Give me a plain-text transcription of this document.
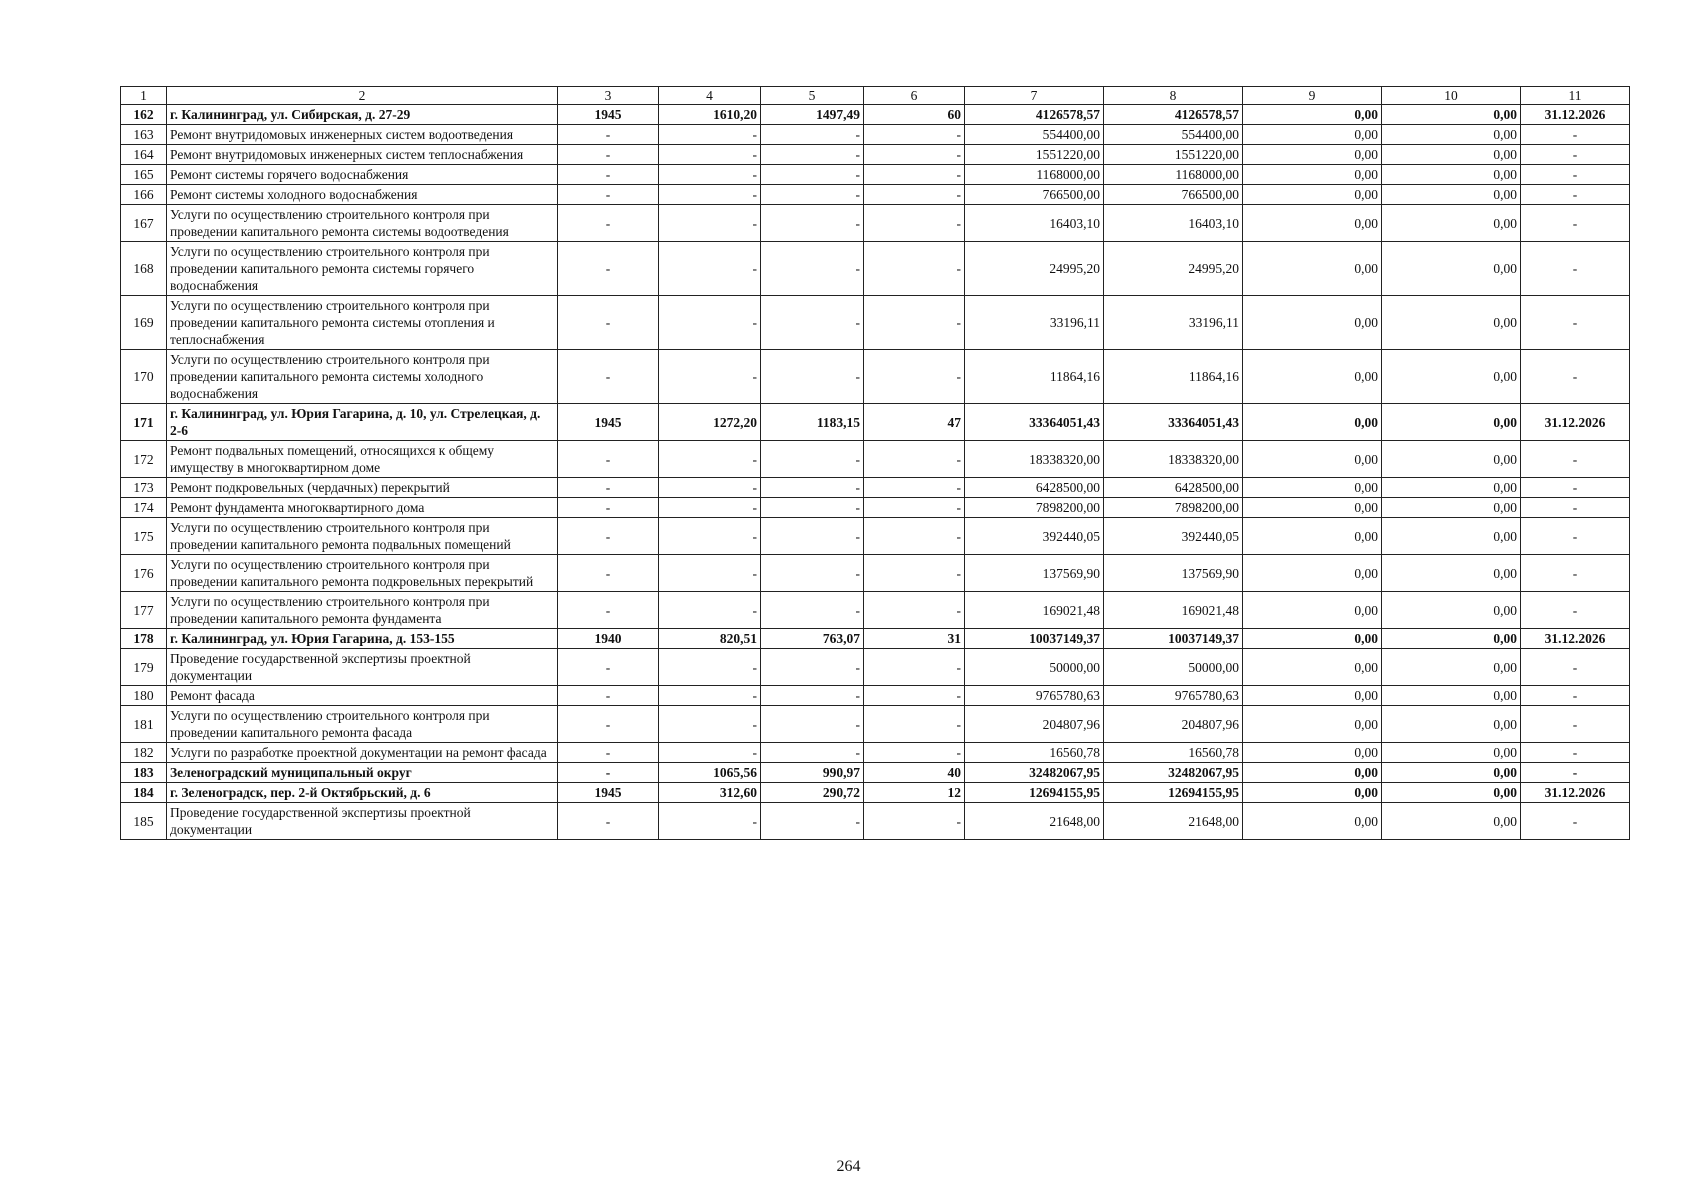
1	2	3	4	5	6	7	8	9	10	11
162	г. Калининград, ул. Сибирская, д. 27-29	1945	1610,20	1497,49	60	4126578,57	4126578,57	0,00	0,00	31.12.2026
163	Ремонт внутридомовых инженерных систем водоотведения	-	-	-	-	554400,00	554400,00	0,00	0,00	-
164	Ремонт внутридомовых инженерных систем теплоснабжения	-	-	-	-	1551220,00	1551220,00	0,00	0,00	-
165	Ремонт системы горячего водоснабжения	-	-	-	-	1168000,00	1168000,00	0,00	0,00	-
166	Ремонт системы холодного водоснабжения	-	-	-	-	766500,00	766500,00	0,00	0,00	-
167	Услуги по осуществлению строительного контроля при проведении капитального ремонта системы водоотведения	-	-	-	-	16403,10	16403,10	0,00	0,00	-
168	Услуги по осуществлению строительного контроля при проведении капитального ремонта системы горячего водоснабжения	-	-	-	-	24995,20	24995,20	0,00	0,00	-
169	Услуги по осуществлению строительного контроля при проведении капитального ремонта системы отопления и теплоснабжения	-	-	-	-	33196,11	33196,11	0,00	0,00	-
170	Услуги по осуществлению строительного контроля при проведении капитального ремонта системы холодного водоснабжения	-	-	-	-	11864,16	11864,16	0,00	0,00	-
171	г. Калининград, ул. Юрия Гагарина, д. 10, ул. Стрелецкая, д. 2-6	1945	1272,20	1183,15	47	33364051,43	33364051,43	0,00	0,00	31.12.2026
172	Ремонт подвальных помещений, относящихся к общему имуществу в многоквартирном доме	-	-	-	-	18338320,00	18338320,00	0,00	0,00	-
173	Ремонт подкровельных (чердачных) перекрытий	-	-	-	-	6428500,00	6428500,00	0,00	0,00	-
174	Ремонт фундамента многоквартирного дома	-	-	-	-	7898200,00	7898200,00	0,00	0,00	-
175	Услуги по осуществлению строительного контроля при проведении капитального ремонта подвальных помещений	-	-	-	-	392440,05	392440,05	0,00	0,00	-
176	Услуги по осуществлению строительного контроля при проведении капитального ремонта подкровельных перекрытий	-	-	-	-	137569,90	137569,90	0,00	0,00	-
177	Услуги по осуществлению строительного контроля при проведении капитального ремонта фундамента	-	-	-	-	169021,48	169021,48	0,00	0,00	-
178	г. Калининград, ул. Юрия Гагарина, д. 153-155	1940	820,51	763,07	31	10037149,37	10037149,37	0,00	0,00	31.12.2026
179	Проведение государственной экспертизы проектной документации	-	-	-	-	50000,00	50000,00	0,00	0,00	-
180	Ремонт фасада	-	-	-	-	9765780,63	9765780,63	0,00	0,00	-
181	Услуги по осуществлению строительного контроля при проведении капитального ремонта фасада	-	-	-	-	204807,96	204807,96	0,00	0,00	-
182	Услуги по разработке проектной документации на ремонт фасада	-	-	-	-	16560,78	16560,78	0,00	0,00	-
183	Зеленоградский муниципальный округ	-	1065,56	990,97	40	32482067,95	32482067,95	0,00	0,00	-
184	г. Зеленоградск, пер. 2-й Октябрьский, д. 6	1945	312,60	290,72	12	12694155,95	12694155,95	0,00	0,00	31.12.2026
185	Проведение государственной экспертизы проектной документации	-	-	-	-	21648,00	21648,00	0,00	0,00	-
264
